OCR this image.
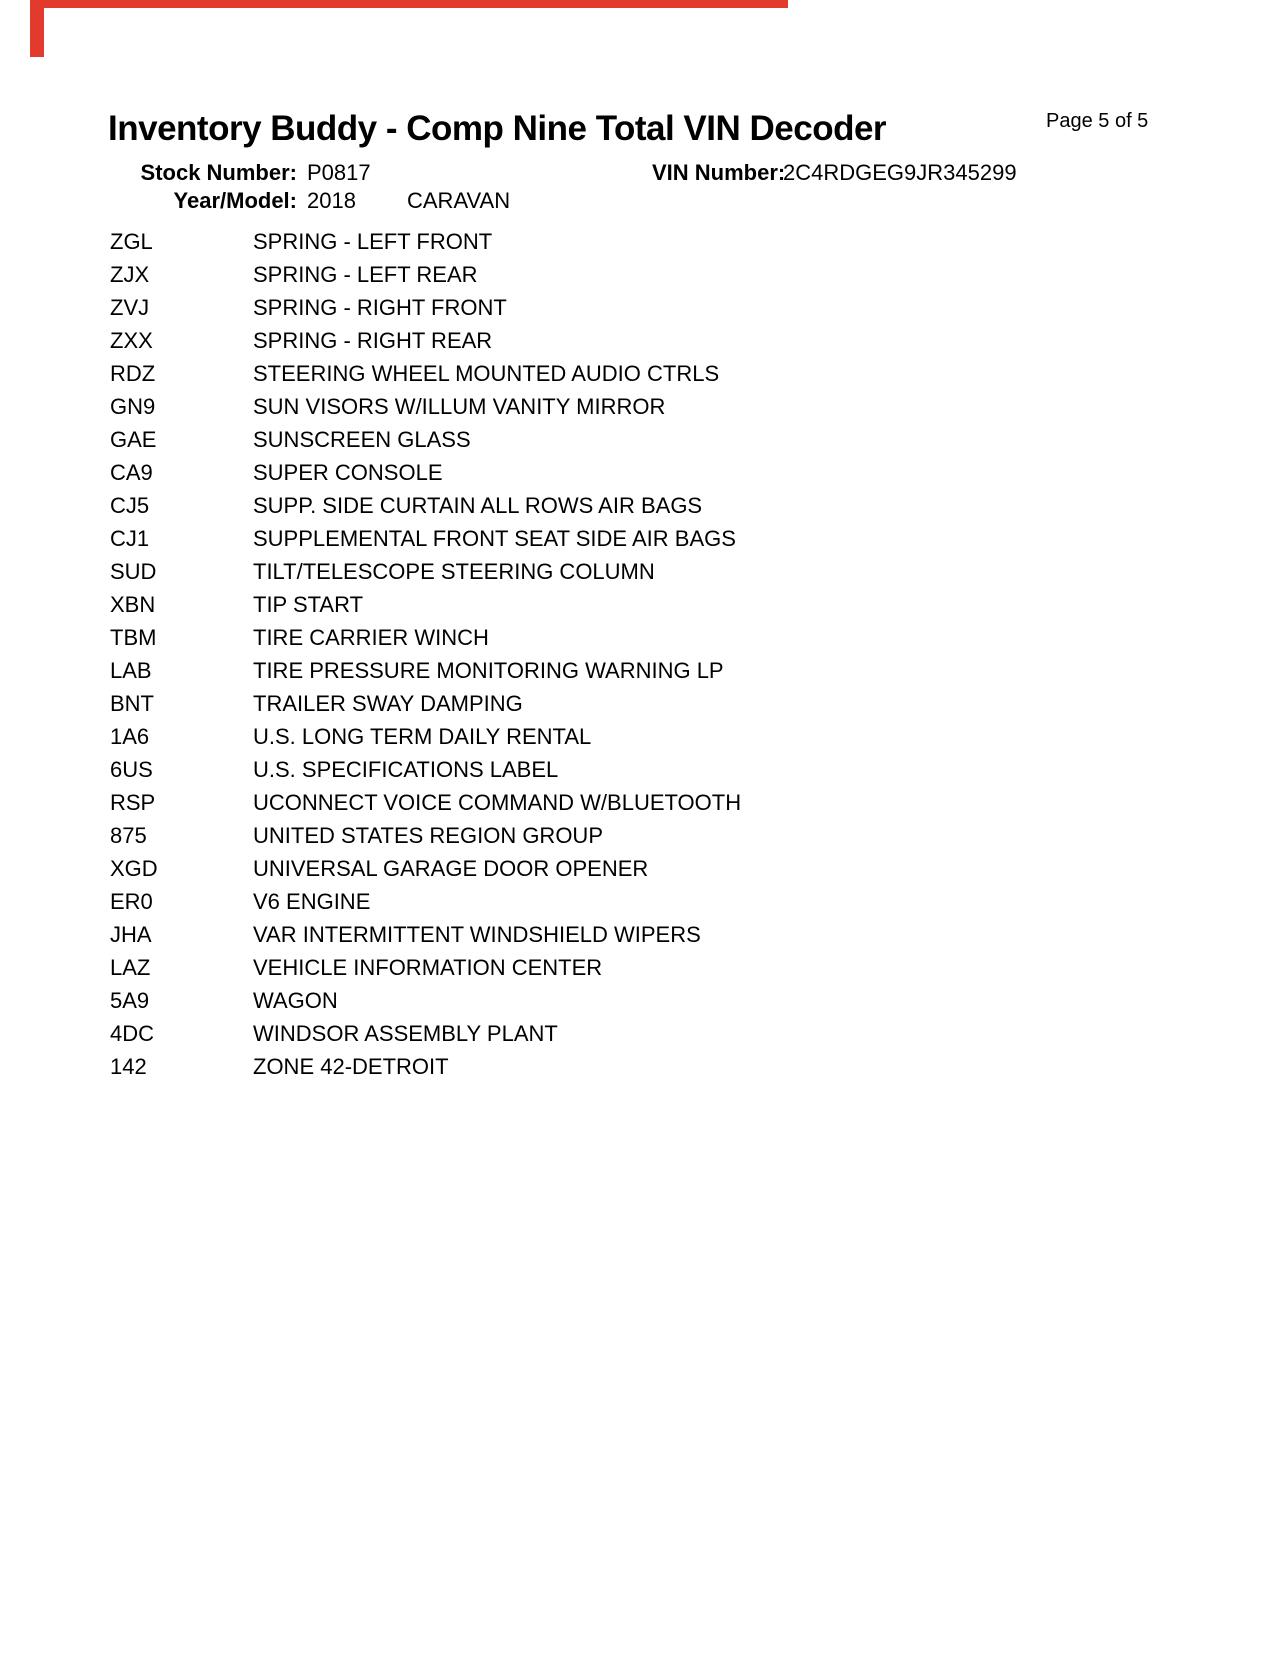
Inventory Buddy - Comp Nine Total VIN Decoder	Page 5 of 5
Stock Number: P0817	VIN Number:
2C4RDGEG9JR345299
Year/Model: 2018 CARAVAN
ZGL	SPRING - LEFT FRONT
ZJX	SPRING - LEFT REAR
ZVJ	SPRING - RIGHT FRONT
ZXX	SPRING - RIGHT REAR
RDZ	STEERING WHEEL MOUNTED AUDIO CTRLS
GN9	SUN VISORS W/ILLUM VANITY MIRROR
GAE	SUNSCREEN GLASS
CA9	SUPER CONSOLE
CJ5	SUPP. SIDE CURTAIN ALL ROWS AIR BAGS
CJ1	SUPPLEMENTAL FRONT SEAT SIDE AIR BAGS
SUD	TILT/TELESCOPE STEERING COLUMN
XBN	TIP START
TBM	TIRE CARRIER WINCH
LAB	TIRE PRESSURE MONITORING WARNING LP
BNT	TRAILER SWAY DAMPING
1A6	U.S. LONG TERM DAILY RENTAL
6US	U.S. SPECIFICATIONS LABEL
RSP	UCONNECT VOICE COMMAND W/BLUETOOTH
875	UNITED STATES REGION GROUP
XGD	UNIVERSAL GARAGE DOOR OPENER
ER0	V6 ENGINE
JHA	VAR INTERMITTENT WINDSHIELD WIPERS
LAZ	VEHICLE INFORMATION CENTER
5A9	WAGON
4DC	WINDSOR ASSEMBLY PLANT
142	ZONE 42-DETROIT
